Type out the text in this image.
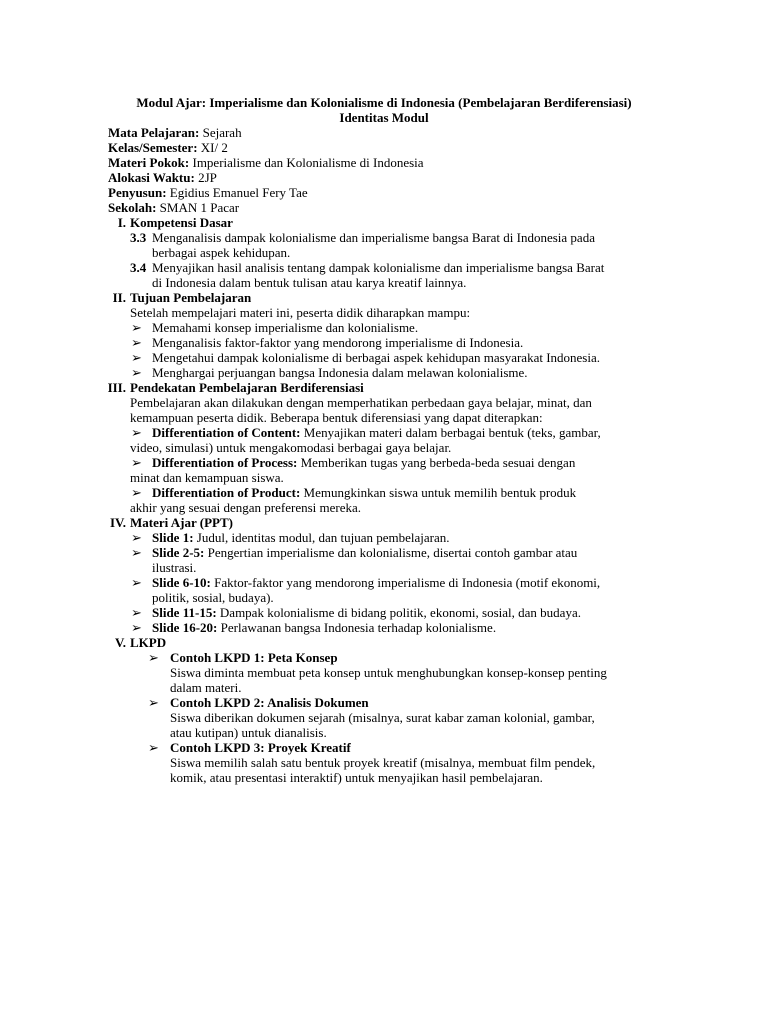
Modul Ajar: Imperialisme dan Kolonialisme di Indonesia (Pembelajaran Berdiferensiasi)
Identitas Modul
Mata Pelajaran: Sejarah
Kelas/Semester: XI/ 2
Materi Pokok: Imperialisme dan Kolonialisme di Indonesia
Alokasi Waktu: 2JP
Penyusun: Egidius Emanuel Fery Tae
Sekolah: SMAN 1 Pacar
I. Kompetensi Dasar
3.3 Menganalisis dampak kolonialisme dan imperialisme bangsa Barat di Indonesia pada
berbagai aspek kehidupan.
3.4 Menyajikan hasil analisis tentang dampak kolonialisme dan imperialisme bangsa Barat
di Indonesia dalam bentuk tulisan atau karya kreatif lainnya.
II. Tujuan Pembelajaran
Setelah mempelajari materi ini, peserta didik diharapkan mampu:
➢ Memahami konsep imperialisme dan kolonialisme.
➢ Menganalisis faktor-faktor yang mendorong imperialisme di Indonesia.
➢ Mengetahui dampak kolonialisme di berbagai aspek kehidupan masyarakat Indonesia.
➢ Menghargai perjuangan bangsa Indonesia dalam melawan kolonialisme.
III. Pendekatan Pembelajaran Berdiferensiasi
Pembelajaran akan dilakukan dengan memperhatikan perbedaan gaya belajar, minat, dan
kemampuan peserta didik. Beberapa bentuk diferensiasi yang dapat diterapkan:
➢ Differentiation of Content: Menyajikan materi dalam berbagai bentuk (teks, gambar,
video, simulasi) untuk mengakomodasi berbagai gaya belajar.
➢ Differentiation of Process: Memberikan tugas yang berbeda-beda sesuai dengan
minat dan kemampuan siswa.
➢ Differentiation of Product: Memungkinkan siswa untuk memilih bentuk produk
akhir yang sesuai dengan preferensi mereka.
IV. Materi Ajar (PPT)
➢ Slide 1: Judul, identitas modul, dan tujuan pembelajaran.
➢ Slide 2-5: Pengertian imperialisme dan kolonialisme, disertai contoh gambar atau
ilustrasi.
➢ Slide 6-10: Faktor-faktor yang mendorong imperialisme di Indonesia (motif ekonomi,
politik, sosial, budaya).
➢ Slide 11-15: Dampak kolonialisme di bidang politik, ekonomi, sosial, dan budaya.
➢ Slide 16-20: Perlawanan bangsa Indonesia terhadap kolonialisme.
V. LKPD
➢ Contoh LKPD 1: Peta Konsep
Siswa diminta membuat peta konsep untuk menghubungkan konsep-konsep penting
dalam materi.
➢ Contoh LKPD 2: Analisis Dokumen
Siswa diberikan dokumen sejarah (misalnya, surat kabar zaman kolonial, gambar,
atau kutipan) untuk dianalisis.
➢ Contoh LKPD 3: Proyek Kreatif
Siswa memilih salah satu bentuk proyek kreatif (misalnya, membuat film pendek,
komik, atau presentasi interaktif) untuk menyajikan hasil pembelajaran.
